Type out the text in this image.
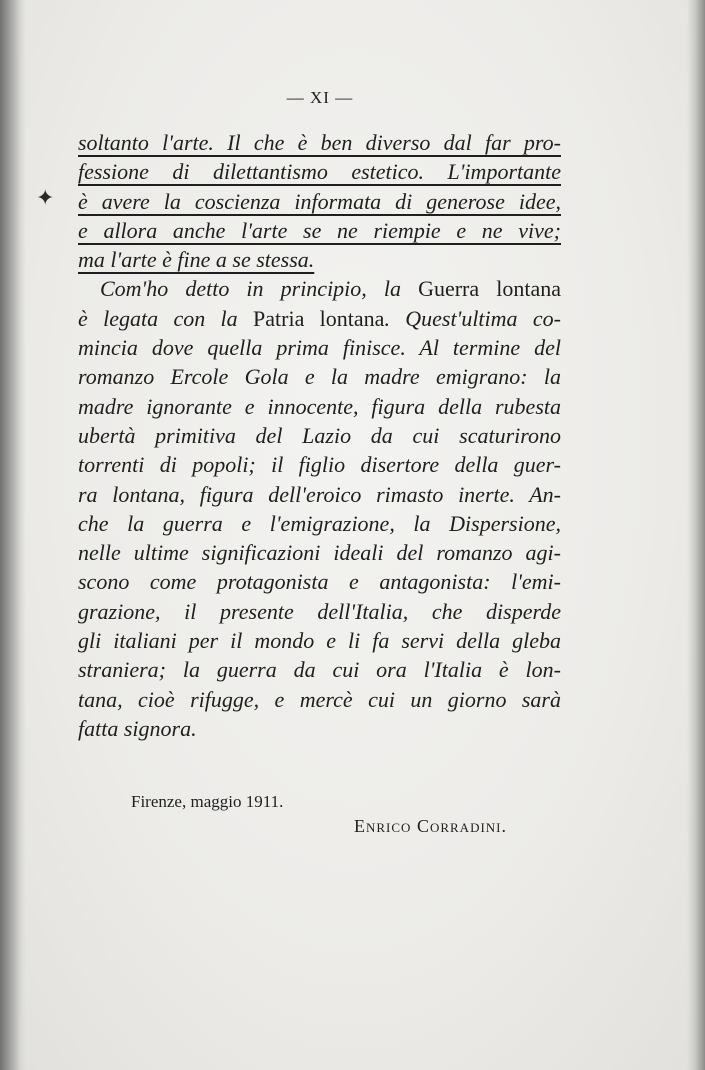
— XI —
✦
soltanto l'arte. Il che è ben diverso dal far pro-
fessione di dilettantismo estetico. L'importante
è avere la coscienza informata di generose idee,
e allora anche l'arte se ne riempie e ne vive;
ma l'arte è fine a se stessa.
Com'ho detto in principio, la Guerra lontana
è legata con la Patria lontana. Quest'ultima co-
mincia dove quella prima finisce. Al termine del
romanzo Ercole Gola e la madre emigrano: la
madre ignorante e innocente, figura della rubesta
ubertà primitiva del Lazio da cui scaturirono
torrenti di popoli; il figlio disertore della guer-
ra lontana, figura dell'eroico rimasto inerte. An-
che la guerra e l'emigrazione, la Dispersione,
nelle ultime significazioni ideali del romanzo agi-
scono come protagonista e antagonista: l'emi-
grazione, il presente dell'Italia, che disperde
gli italiani per il mondo e li fa servi della gleba
straniera; la guerra da cui ora l'Italia è lon-
tana, cioè rifugge, e mercè cui un giorno sarà
fatta signora.
Firenze, maggio 1911.
Enrico Corradini.
